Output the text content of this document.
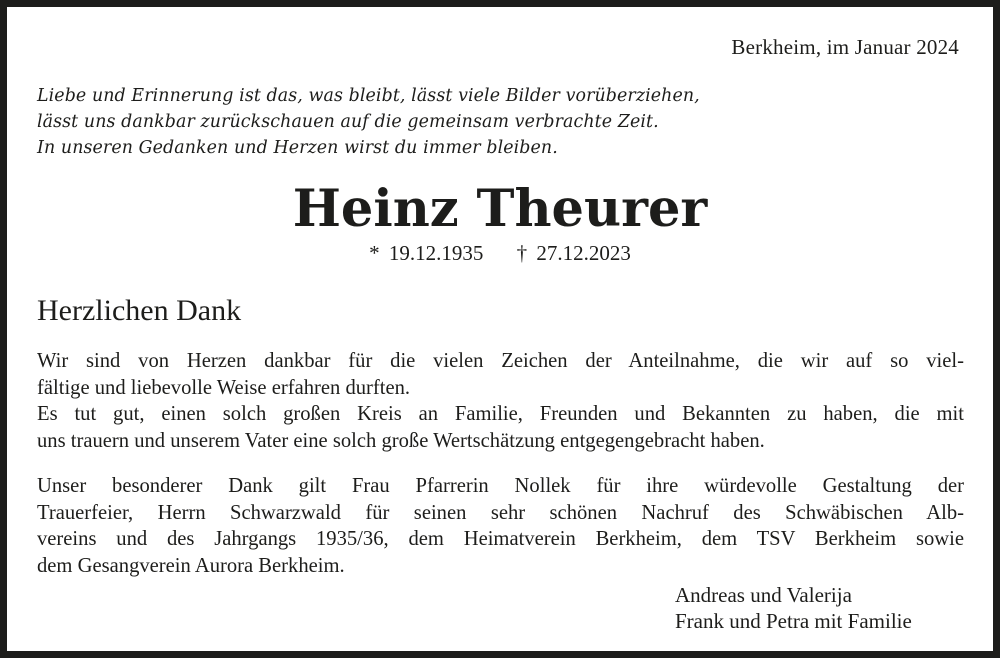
Berkheim, im Januar 2024
Liebe und Erinnerung ist das, was bleibt, lässt viele Bilder vorüberziehen,
lässt uns dankbar zurückschauen auf die gemeinsam verbrachte Zeit.
In unseren Gedanken und Herzen wirst du immer bleiben.
Heinz Theurer
* 19.12.1935 † 27.12.2023
Herzlichen Dank
Wir sind von Herzen dankbar für die vielen Zeichen der Anteilnahme, die wir auf so viel-
fältige und liebevolle Weise erfahren durften.
Es tut gut, einen solch großen Kreis an Familie, Freunden und Bekannten zu haben, die mit
uns trauern und unserem Vater eine solch große Wertschätzung entgegengebracht haben.
Unser besonderer Dank gilt Frau Pfarrerin Nollek für ihre würdevolle Gestaltung der
Trauerfeier, Herrn Schwarzwald für seinen sehr schönen Nachruf des Schwäbischen Alb-
vereins und des Jahrgangs 1935/36, dem Heimatverein Berkheim, dem TSV Berkheim sowie
dem Gesangverein Aurora Berkheim.
Andreas und Valerija
Frank und Petra mit Familie
